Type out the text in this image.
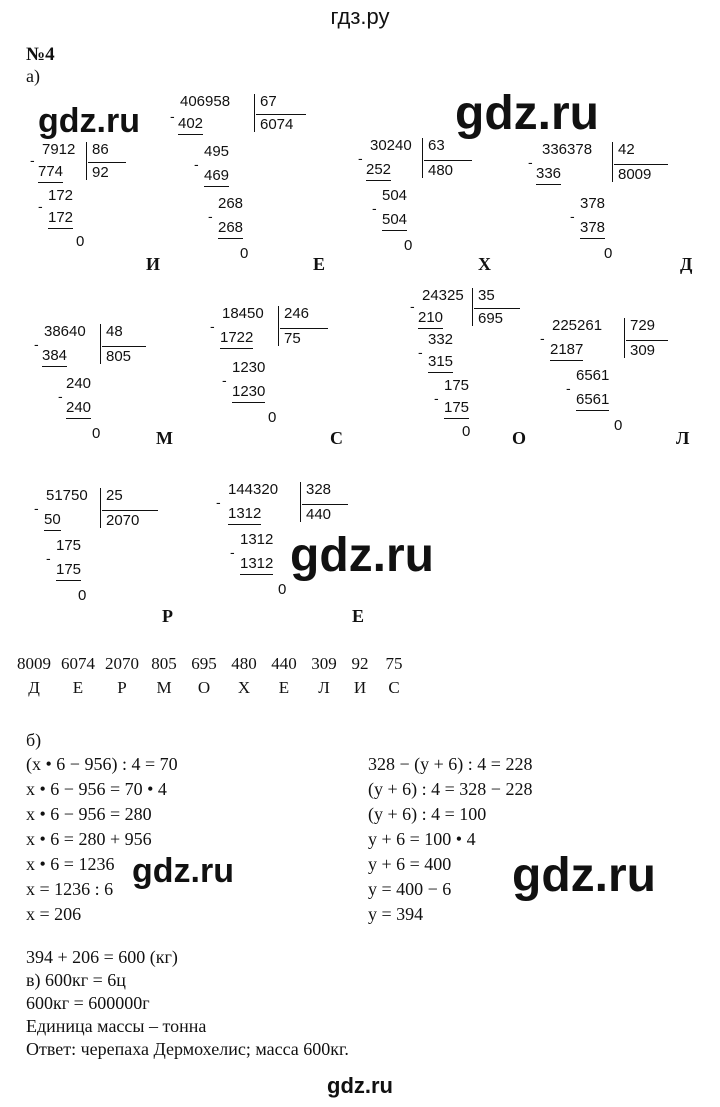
гдз.ру
№4
а)
gdz.ru	gdz.ru
gdz.ru
gdz.ru	gdz.ru
7912 86
92
-
774
172
-
172
0
И
406958 67
6074
- 402
495
-
469
268
-
268
0
Е
30240 63
480
-
252
504
-
504
0
Х
336378 42
8009
-
336
378
-
378
0
Д
38640 48
805
-
384
240
-
240
0	М
18450 246
75
-
1722
1230
-
1230
0
С
24325 35
695
-
210
332
-
315
175
-
175
0 О
225261 729
309
-
2187
6561
-
6561
0
Л
51750 25
2070
-
50
175
-
175
0
Р
144320 328
440
-
1312
1312
-
1312
0
Е
8009 6074 2070 805 695 480 440 309 92	75
Д	Е	Р	М	О	Х	Е	Л	И	С
б)
(х • 6 − 956) : 4 = 70
х • 6 − 956 = 70 • 4
х • 6 − 956 = 280
х • 6 = 280 + 956
х • 6 = 1236
х = 1236 : 6
х = 206
328 − (у + 6) : 4 = 228
(у + 6) : 4 = 328 − 228
(у + 6) : 4 = 100
у + 6 = 100 • 4
у + 6 = 400
у = 400 − 6
у = 394
394 + 206 = 600 (кг)
в) 600кг = 6ц
600кг = 600000г
Единица массы – тонна
Ответ: черепаха Дермохелис; масса 600кг.
gdz.ru
